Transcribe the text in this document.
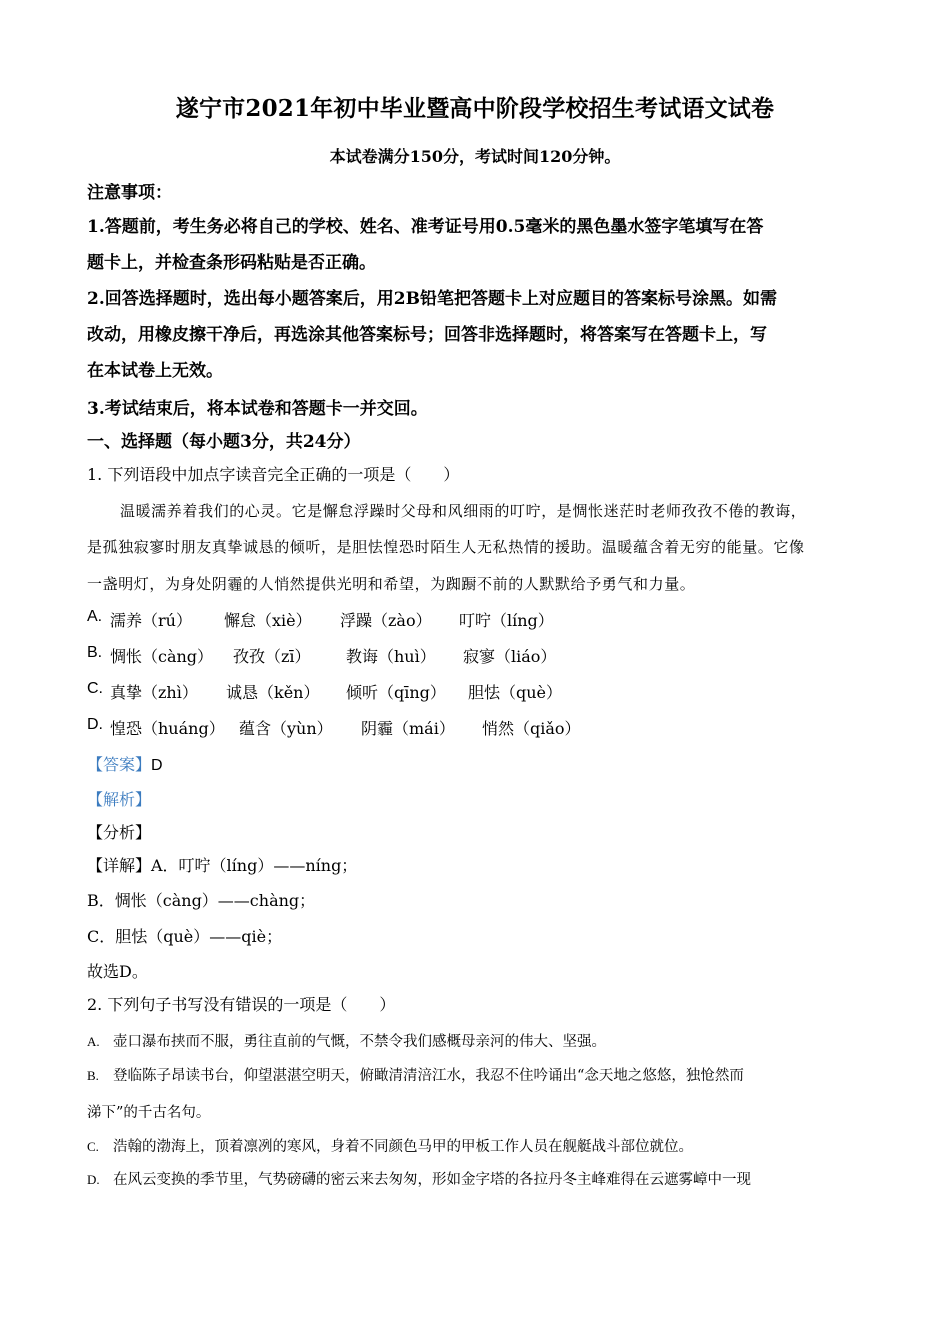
遂宁市2021年初中毕业暨高中阶段学校招生考试语文试卷
本试卷满分150分，考试时间120分钟。
注意事项：
1.答题前，考生务必将自己的学校、姓名、准考证号用0.5毫米的黑色墨水签字笔填写在答
题卡上，并检查条形码粘贴是否正确。
2.回答选择题时，选出每小题答案后，用2B铅笔把答题卡上对应题目的答案标号涂黑。如需
改动，用橡皮擦干净后，再选涂其他答案标号；回答非选择题时，将答案写在答题卡上，写
在本试卷上无效。
3.考试结束后，将本试卷和答题卡一并交回。
一、选择题（每小题3分，共24分）
1. 下列语段中加点字读音完全正确的一项是（　　）
温暖濡养着我们的心灵。它是懈怠浮躁时父母和风细雨的叮咛，是惆怅迷茫时老师孜孜不倦的教诲，
是孤独寂寥时朋友真挚诚恳的倾听，是胆怯惶恐时陌生人无私热情的援助。温暖蕴含着无穷的能量。它像
一盏明灯，为身处阴霾的人悄然提供光明和希望，为踟蹰不前的人默默给予勇气和力量。
A. 濡养（rú） 懈怠（xiè） 浮躁（zào） 叮咛（líng）
B. 惆怅（càng） 孜孜（zī） 教诲（huì） 寂寥（liáo）
C. 真挚（zhì） 诚恳（kěn） 倾听（qīng） 胆怯（què）
D. 惶恐（huáng） 蕴含（yùn） 阴霾（mái） 悄然（qiǎo）
【答案】D
【解析】
【分析】
【详解】A．叮咛（líng）——níng；
B．惆怅（càng）——chàng；
C．胆怯（què）——qiè；
故选D。
2. 下列句子书写没有错误的一项是（　　）
A. 壶口瀑布挟而不服，勇往直前的气慨，不禁令我们感概母亲河的伟大、坚强。
B. 登临陈子昂读书台，仰望湛湛空明天，俯瞰清清涪江水，我忍不住吟诵出“念天地之悠悠，独怆然而
涕下”的千古名句。
C. 浩翰的渤海上，顶着凛冽的寒风，身着不同颜色马甲的甲板工作人员在舰艇战斗部位就位。
D. 在风云变换的季节里，气势磅礴的密云来去匆匆，形如金字塔的各拉丹冬主峰难得在云遮雾嶂中一现
